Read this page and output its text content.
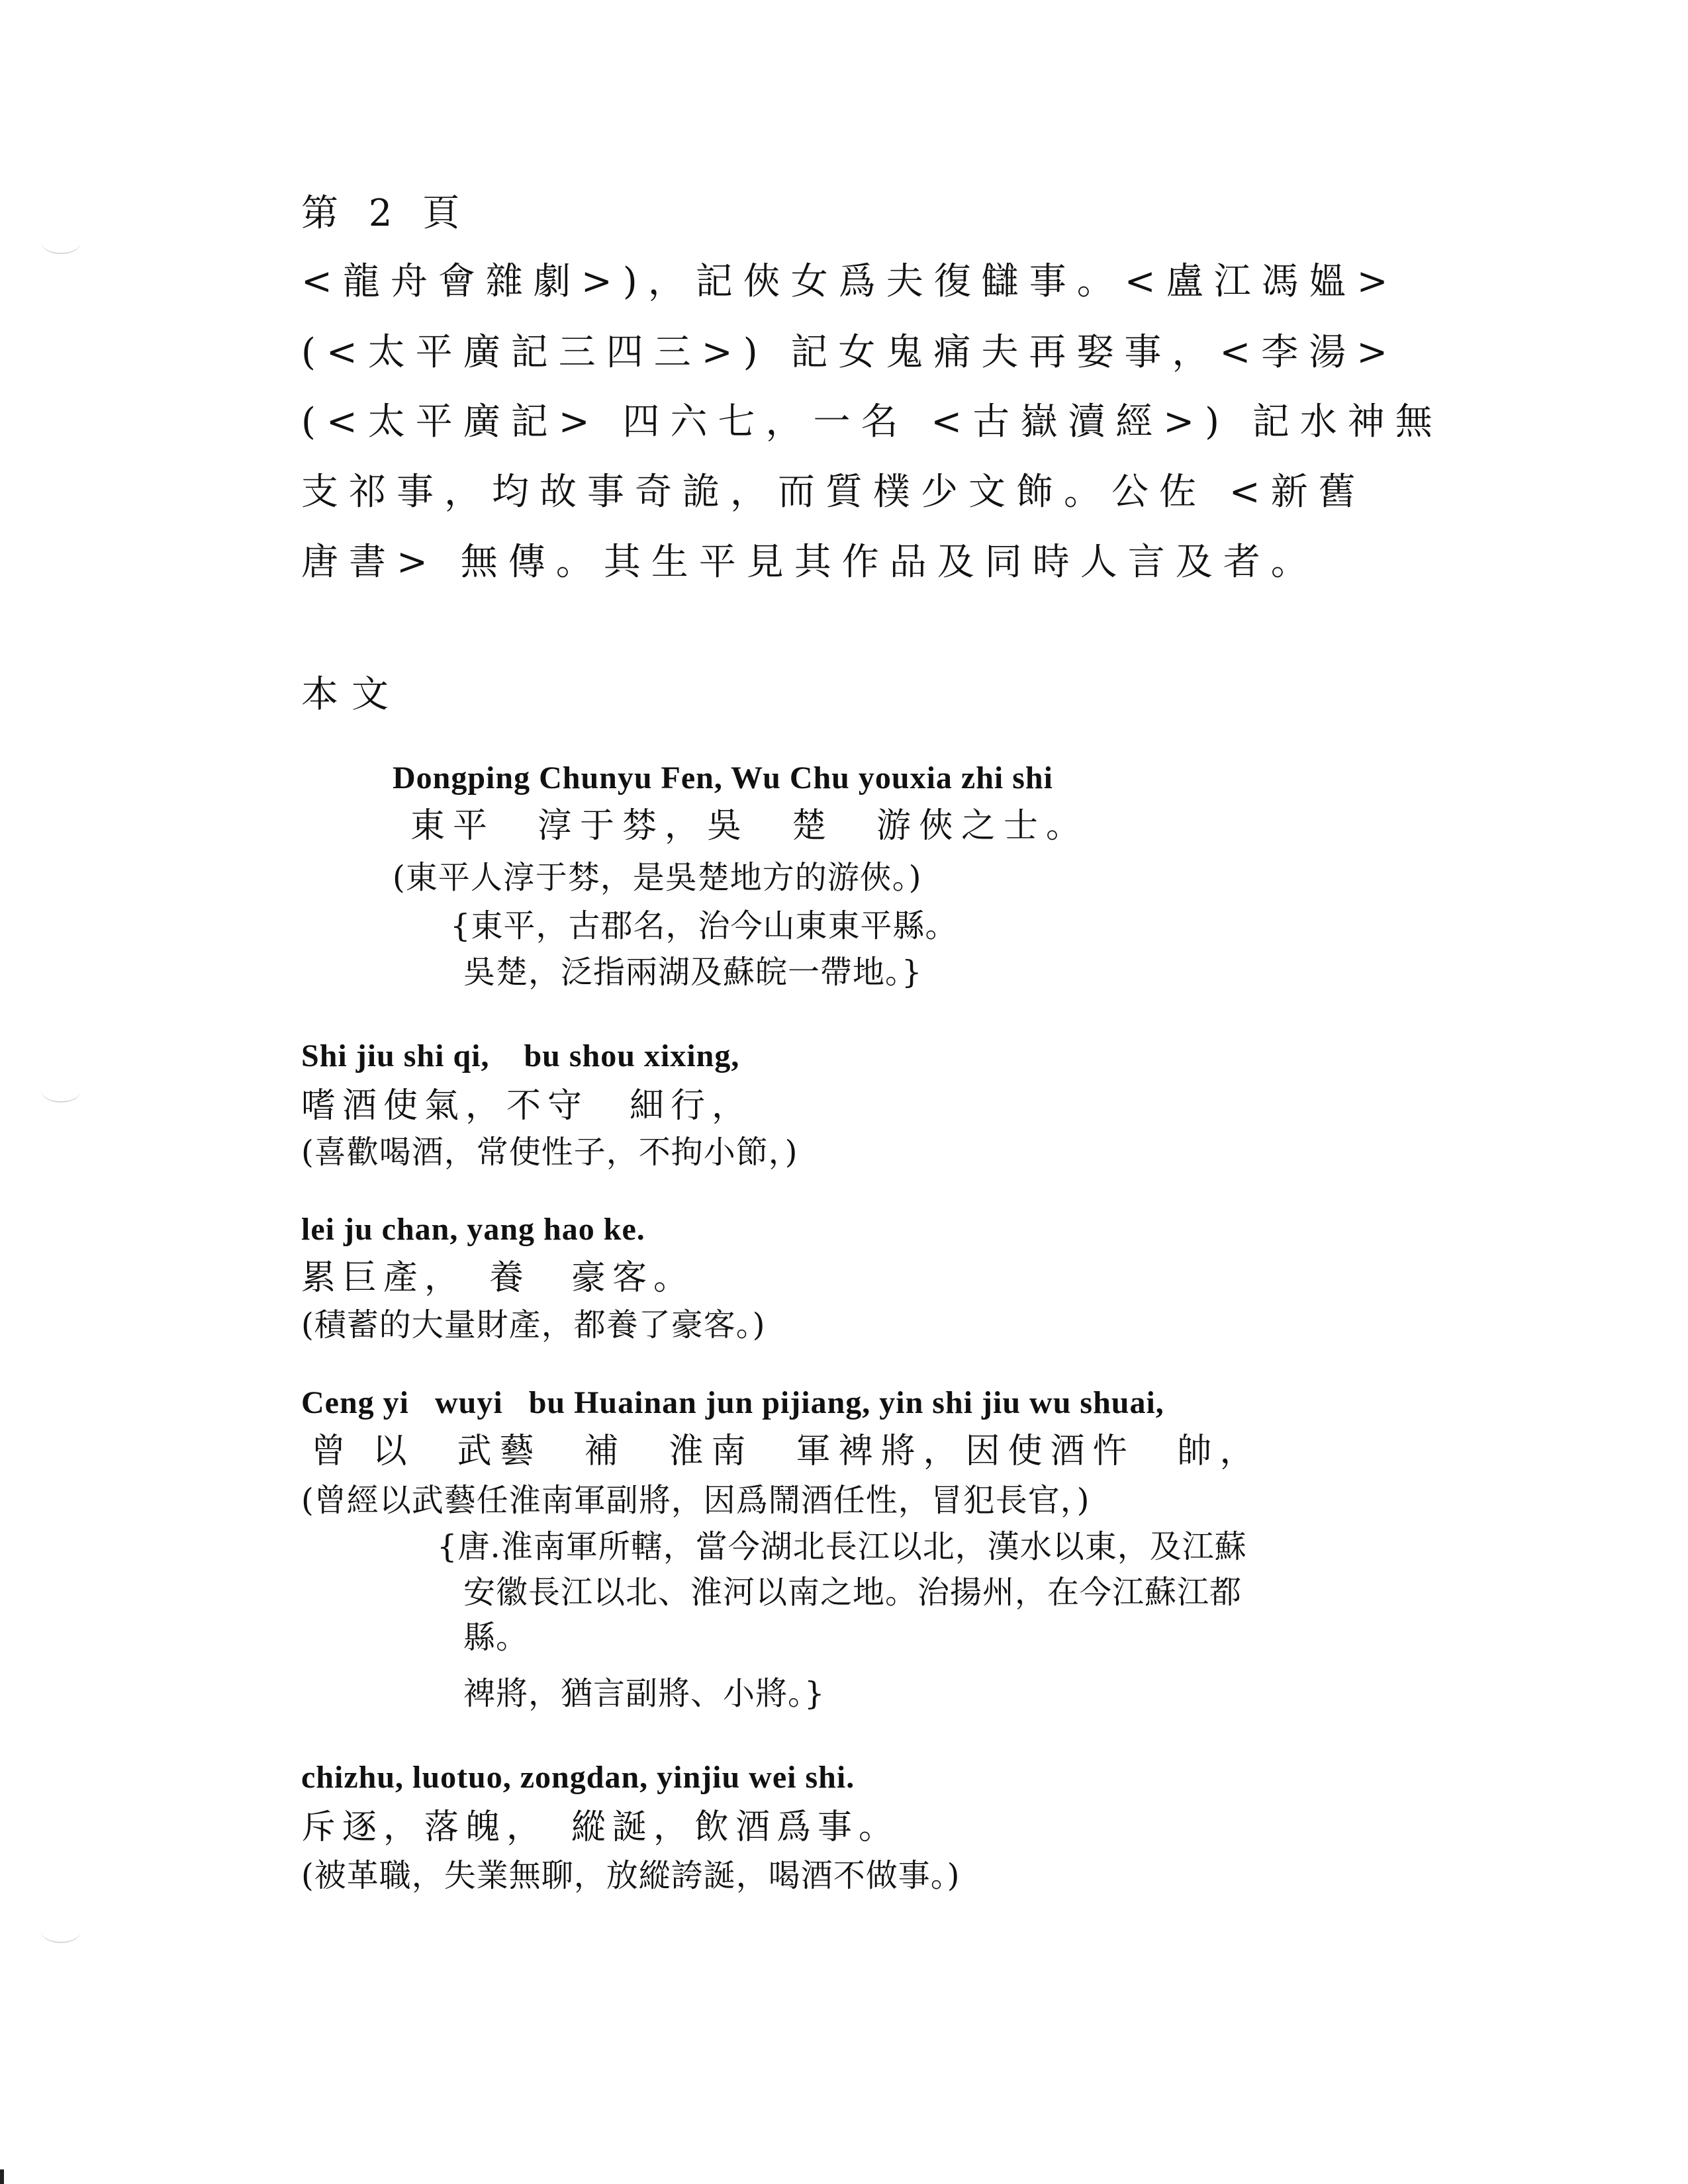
第 2 頁
<龍舟會雜劇>)，記俠女爲夫復讎事。<盧江馮媼>
(<太平廣記三四三>) 記女鬼痛夫再娶事，<李湯>
(<太平廣記> 四六七，一名 <古嶽瀆經>) 記水神無
支祁事，均故事奇詭，而質樸少文飾。公佐 <新舊
唐書> 無傳。其生平見其作品及同時人言及者。
本文
Dongping Chunyu Fen, Wu Chu youxia zhi shi
東平　淳于棼，吳　楚　游俠之士。
(東平人淳于棼，是吳楚地方的游俠。)
{東平，古郡名，治今山東東平縣。
吳楚，泛指兩湖及蘇皖一帶地。}
Shi jiu shi qi,    bu shou xixing,
嗜酒使氣，不守　細行，
(喜歡喝酒，常使性子，不拘小節，)
lei ju chan, yang hao ke.
累巨產，　養　豪客。
(積蓄的大量財產，都養了豪客。)
Ceng yi   wuyi   bu Huainan jun pijiang, yin shi jiu wu shuai,
曾 以　武藝　補　淮南　軍裨將，因使酒忤　帥，
(曾經以武藝任淮南軍副將，因爲鬧酒任性，冒犯長官，)
{唐.淮南軍所轄，當今湖北長江以北，漢水以東，及江蘇
安徽長江以北、淮河以南之地。治揚州，在今江蘇江都
縣。
裨將，猶言副將、小將。}
chizhu, luotuo, zongdan, yinjiu wei shi.
斥逐，落魄，　縱誕，飲酒爲事。
(被革職，失業無聊，放縱誇誕，喝酒不做事。)
